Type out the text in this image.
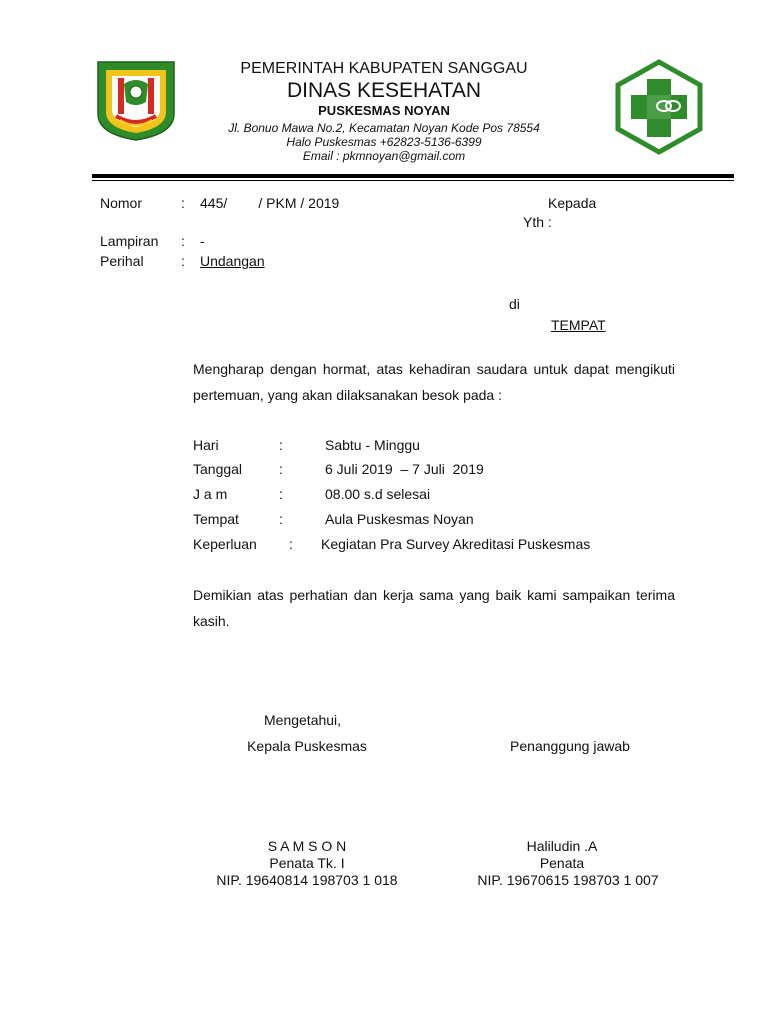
PEMERINTAH KABUPATEN SANGGAU
DINAS KESEHATAN
PUSKESMAS NOYAN
Jl. Bonuo Mawa No.2, Kecamatan Noyan Kode Pos 78554
Halo Puskesmas +62823-5136-6399
Email : pkmnoyan@gmail.com
Nomor	: 445/        / PKM / 2019
Lampiran : -
Perihal	: Undangan
Kepada
Yth :
di
TEMPAT
Mengharap dengan hormat, atas kehadiran saudara untuk dapat mengikuti pertemuan, yang akan dilaksanakan besok pada :
Hari	:	Sabtu - Minggu
Tanggal	:	6 Juli 2019  – 7 Juli  2019
J a m	:	08.00 s.d selesai
Tempat	:	Aula Puskesmas Noyan
Keperluan : Kegiatan Pra Survey Akreditasi Puskesmas
Demikian atas perhatian dan kerja sama yang baik kami sampaikan terima kasih.
Mengetahui,
Kepala Puskesmas
S A M S O N
Penata Tk. I
NIP. 19640814 198703 1 018
Penanggung jawab
Haliludin .A
Penata
NIP. 19670615 198703 1 007
